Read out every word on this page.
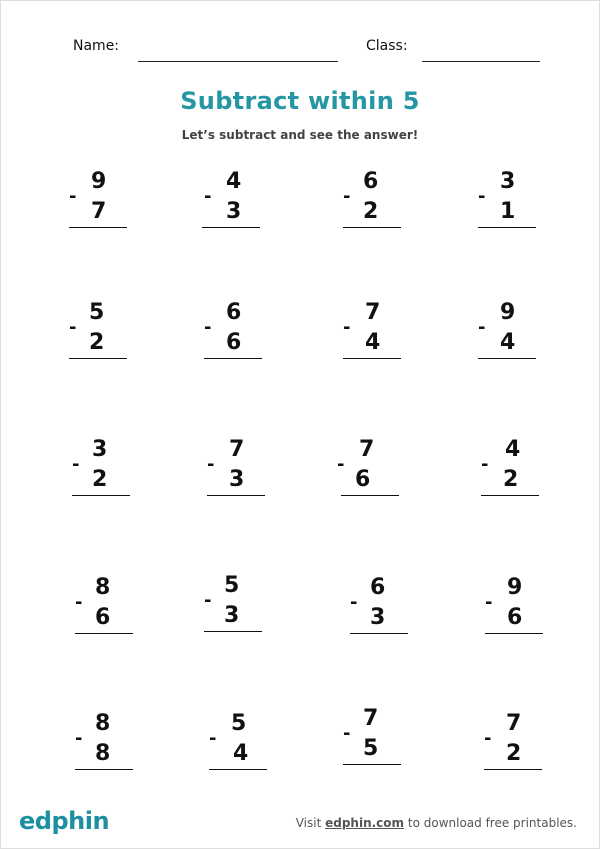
Name:	Class:
Subtract within 5
Let’s subtract and see the answer!
9
-
7
4
-
3
6
-
2
3
-
1
5
-
2
6
-
6
7
-
4
9
-
4
3
-
2
7
-
3
7
-
6
4
-
2
8
-
6
5
-
3
6
-
3
9
-
6
8
-
8
5
-
4
7
-
5
7
-
2
edphin	Visit edphin.com to download free printables.
